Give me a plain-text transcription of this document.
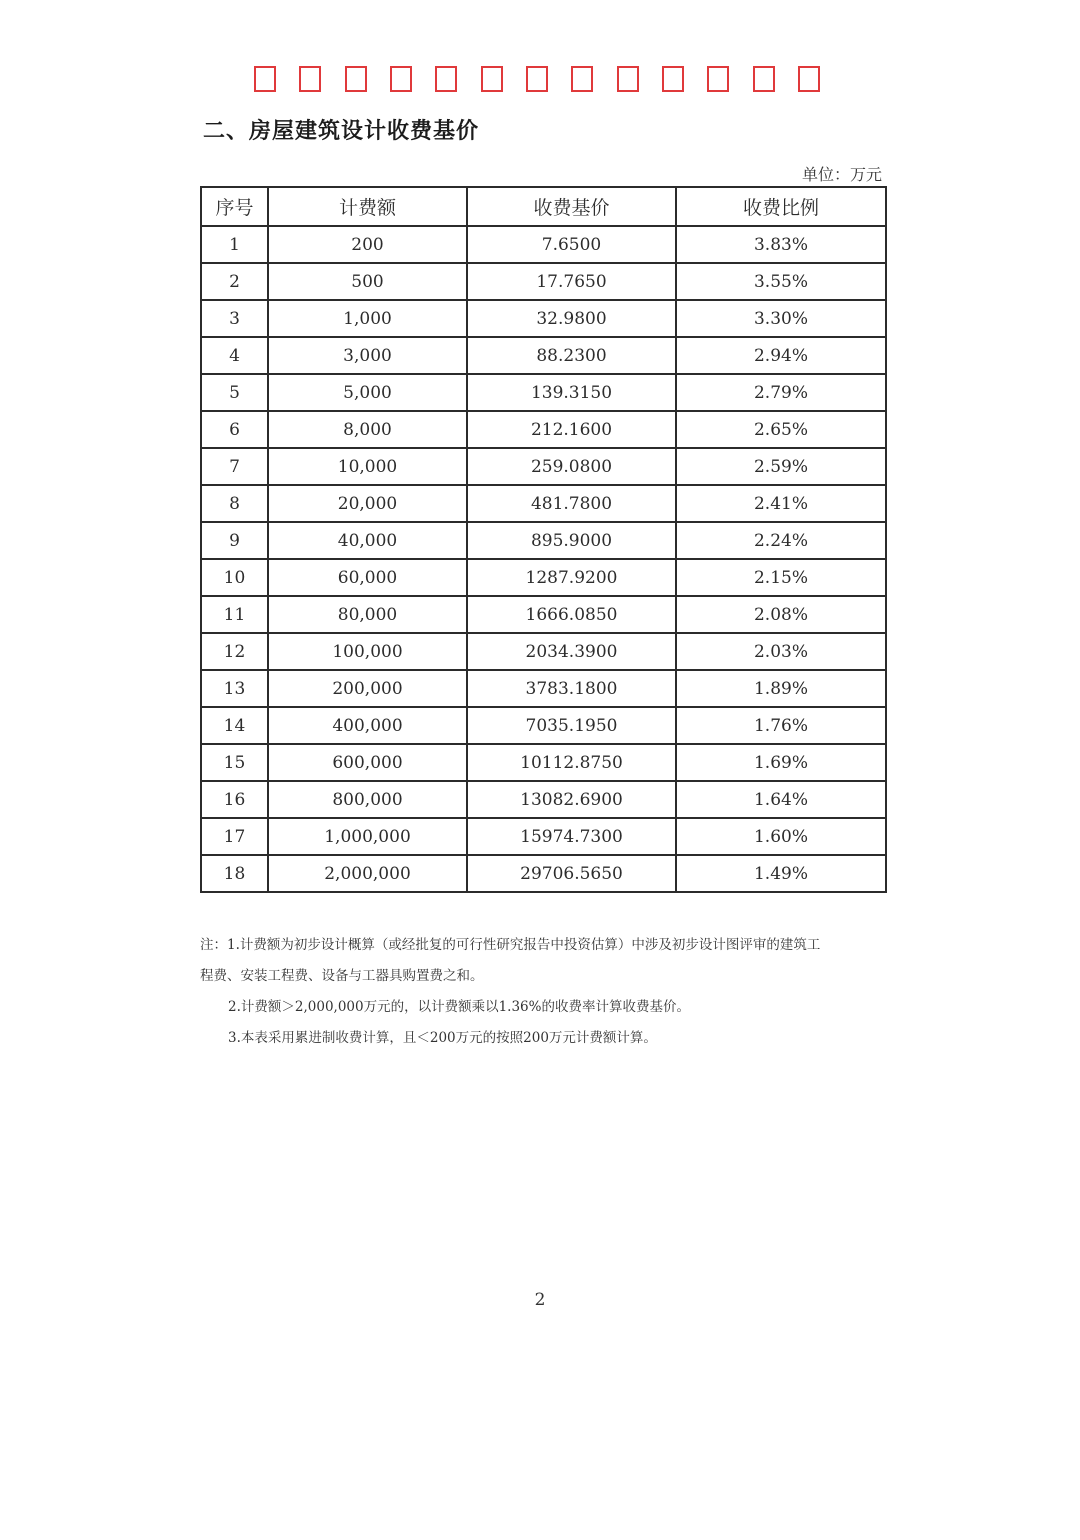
二、房屋建筑设计收费基价
单位：万元
序号	计费额	收费基价	收费比例
1	200	7.6500	3.83%
2	500	17.7650	3.55%
3	1,000	32.9800	3.30%
4	3,000	88.2300	2.94%
5	5,000	139.3150	2.79%
6	8,000	212.1600	2.65%
7	10,000	259.0800	2.59%
8	20,000	481.7800	2.41%
9	40,000	895.9000	2.24%
10	60,000	1287.9200	2.15%
11	80,000	1666.0850	2.08%
12	100,000	2034.3900	2.03%
13	200,000	3783.1800	1.89%
14	400,000	7035.1950	1.76%
15	600,000	10112.8750	1.69%
16	800,000	13082.6900	1.64%
17	1,000,000	15974.7300	1.60%
18	2,000,000	29706.5650	1.49%
注：1.计费额为初步设计概算（或经批复的可行性研究报告中投资估算）中涉及初步设计图评审的建筑工
程费、安装工程费、设备与工器具购置费之和。
2.计费额＞2,000,000万元的，以计费额乘以1.36%的收费率计算收费基价。
3.本表采用累进制收费计算，且＜200万元的按照200万元计费额计算。
2
